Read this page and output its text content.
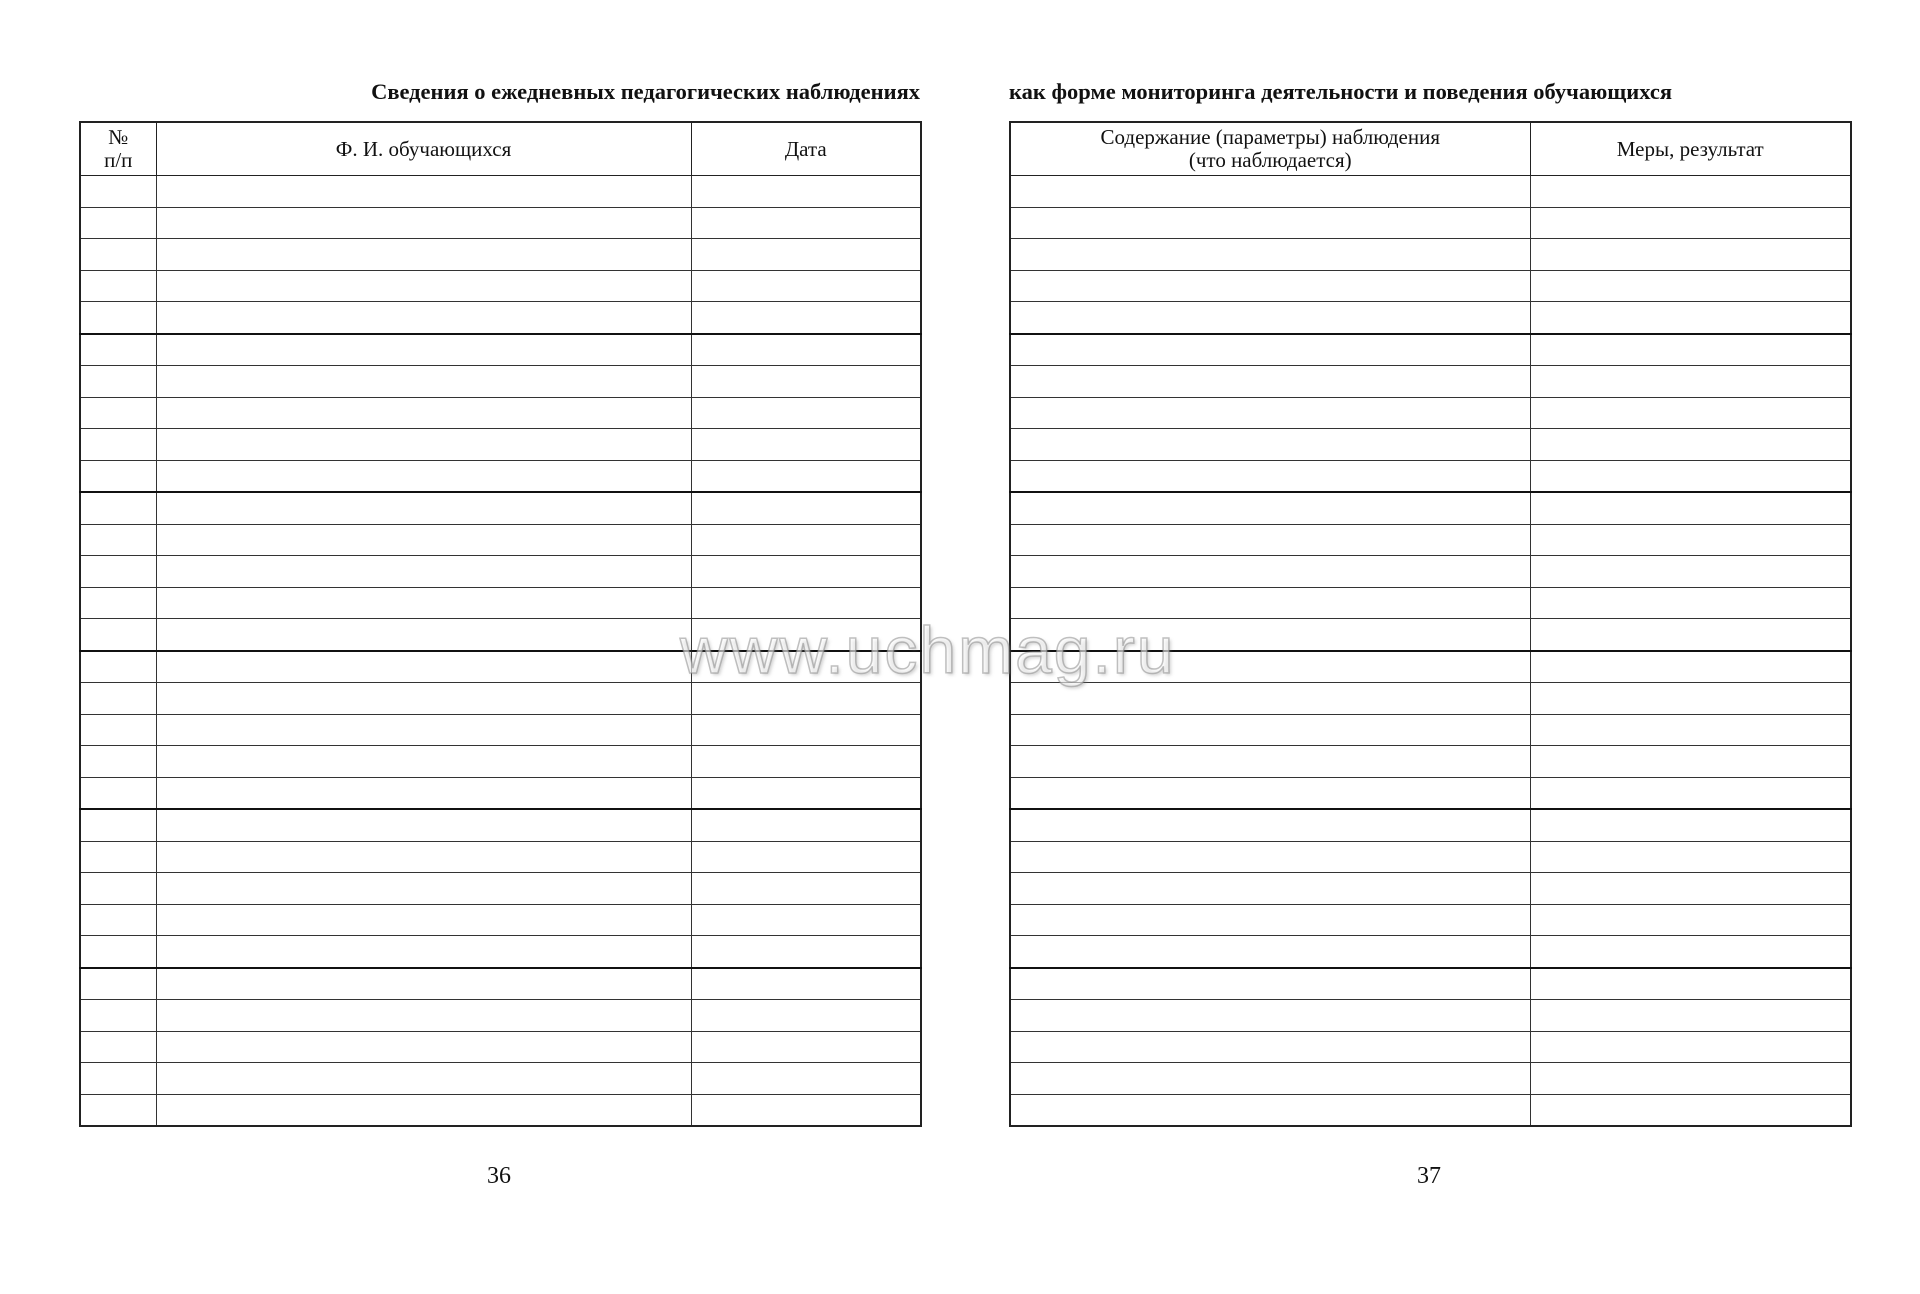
Сведения о ежедневных педагогических наблюдениях
№
п/п	Ф. И. обучающихся	Дата

36
как форме мониторинга деятельности и поведения обучающихся
Содержание (параметры) наблюдения
(что наблюдается)	Меры, результат

37
www.uchmag.ru
